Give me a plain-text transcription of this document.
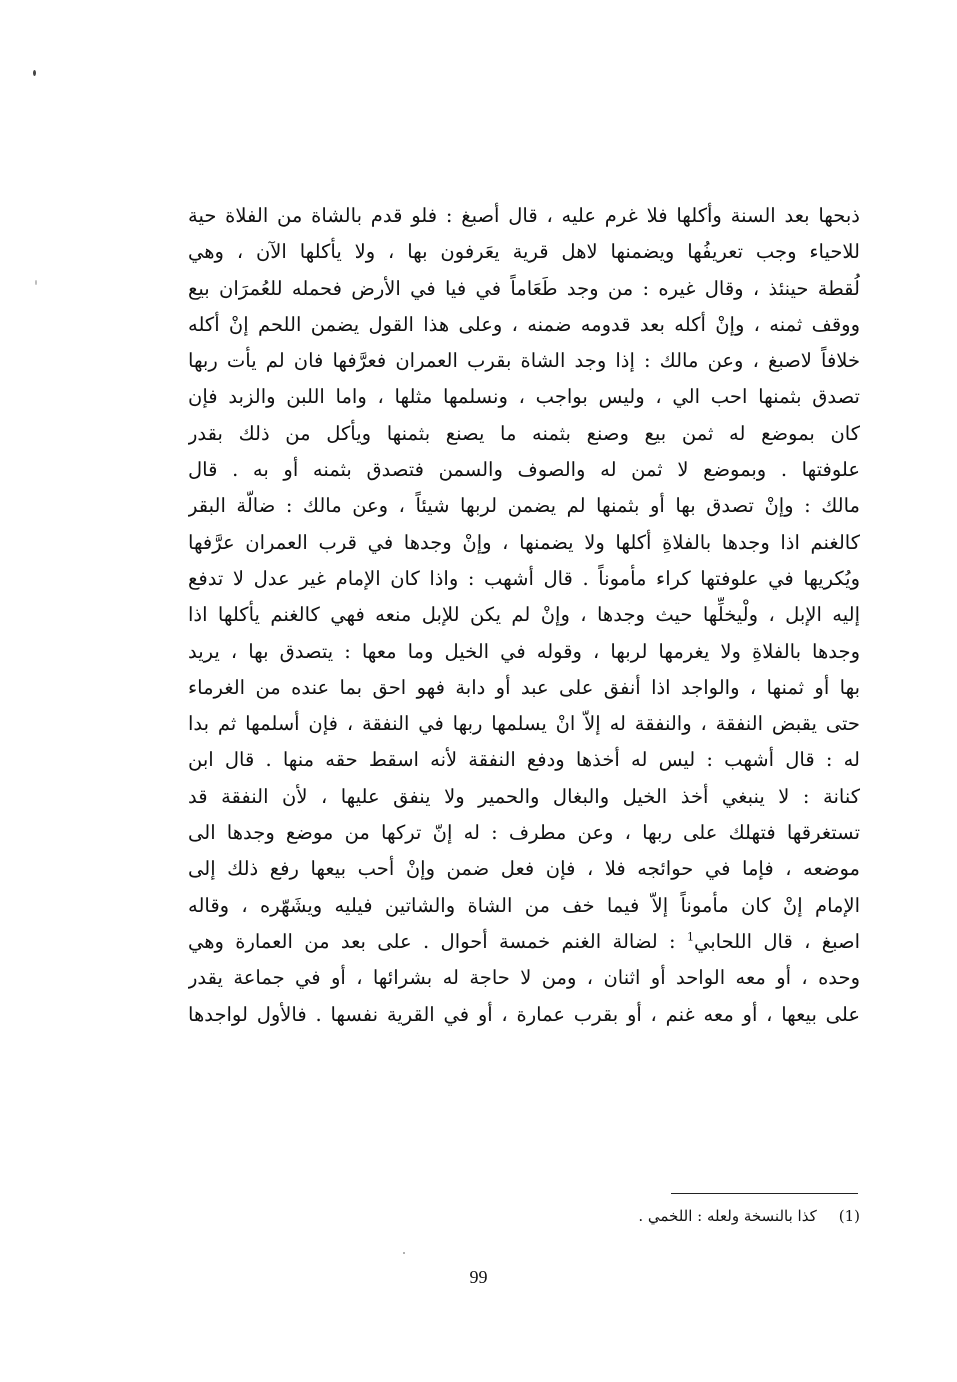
ذبحها بعد السنة وأكلها فلا غرم عليه ، قال أصبغ : فلو قدم بالشاة من الفلاة حية
للاحياء وجب تعريفُها ويضمنها لاهل قرية يعَرفون بها ، ولا يأكلها الآن ، وهي
لُقطة حينئذ ، وقال غيره : من وجد طَعَاماً في فيا في الأرض فحمله للعُمرَان بيع
ووقف ثمنه ، وإنْ أكله بعد قدومه ضمنه ، وعلى هذا القول يضمن اللحم إنْ أكله
خلافاً لاصبغ ، وعن مالك : إذا وجد الشاة بقرب العمران فعرَّفها فان لم يأت ربها
تصدق بثمنها احب الي ، وليس بواجب ، ونسلمها مثلها ، واما اللبن والزبد فإن
كان بموضع له ثمن بيع وصنع بثمنه ما يصنع بثمنها ويأكل من ذلك بقدر
علوفتها . وبموضع لا ثمن له والصوف والسمن فتصدق بثمنه أو به . قال
مالك : وإنْ تصدق بها أو بثمنها لم يضمن لربها شيئاً ، وعن مالك : ضالّة البقر
كالغنم اذا وجدها بالفلاةِ أكلها ولا يضمنها ، وإنْ وجدها في قرب العمران عرَّفها
ويُكريها في علوفتها كراء مأموناً . قال أشهب : واذا كان الإمام غير عدل لا تدفع
إليه الإبل ، ولْيخلِّها حيث وجدها ، وإنْ لم يكن للإبل منعه فهي كالغنم يأكلها اذا
وجدها بالفلاةِ ولا يغرمها لربها ، وقوله في الخيل وما معها : يتصدق بها ، يريد
بها أو ثمنها ، والواجد اذا أنفق على عبد أو دابة فهو احق بما عنده من الغرماء
حتى يقبض النفقة ، والنفقة له إلاّ انْ يسلمها ربها في النفقة ، فإن أسلمها ثم بدا
له : قال أشهب : ليس له أخذها ودفع النفقة لأنه اسقط حقه منها . قال ابن
كنانة : لا ينبغي أخذ الخيل والبغال والحمير ولا ينفق عليها ، لأن النفقة قد
تستغرقها فتهلك على ربها ، وعن مطرف : له إنّ تركها من موضع وجدها الى
موضعه ، فإما في حوائجه فلا ، فإن فعل ضمن وإنْ أحب بيعها رفع ذلك إلى
الإمام إنْ كان مأموناً إلاّ فيما خف من الشاة والشاتين فيليه ويشَهّره ، وقاله
اصبغ ، قال اللحابي$^1$ : لضالة الغنم خمسة أحوال . على بعد من العمارة وهي
وحده ، أو معه الواحد أو اثنان ، ومن لا حاجة له بشرائها ، أو في جماعة يقدر
على بيعها ، أو معه غنم ، أو بقرب عمارة ، أو في القرية نفسها . فالأول لواجدها
(1)كذا بالنسخة ولعله : اللخمي .
99
